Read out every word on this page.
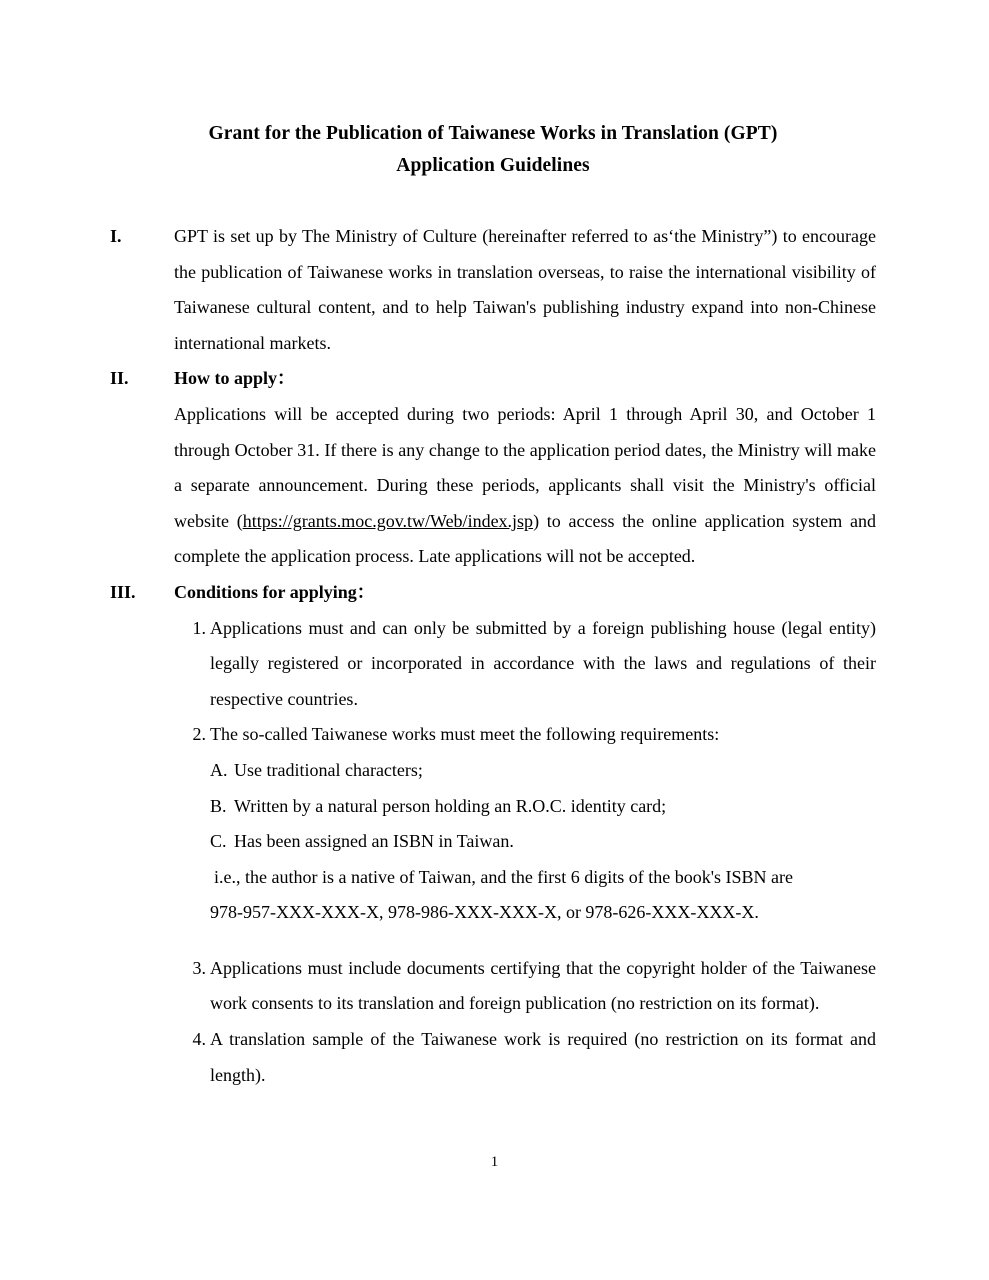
Grant for the Publication of Taiwanese Works in Translation (GPT)
Application Guidelines
I.	GPT is set up by The Ministry of Culture (hereinafter referred to as‘the Ministry”) to encourage the publication of Taiwanese works in translation overseas, to raise the international visibility of Taiwanese cultural content, and to help Taiwan's publishing industry expand into non-Chinese international markets.
II.	How to apply：
Applications will be accepted during two periods: April 1 through April 30, and October 1 through October 31. If there is any change to the application period dates, the Ministry will make a separate announcement. During these periods, applicants shall visit the Ministry's official website (https://grants.moc.gov.tw/Web/index.jsp) to access the online application system and complete the application process. Late applications will not be accepted.
III. Conditions for applying：
1. Applications must and can only be submitted by a foreign publishing house (legal entity) legally registered or incorporated in accordance with the laws and regulations of their respective countries.
2. The so-called Taiwanese works must meet the following requirements:
A. Use traditional characters;
B. Written by a natural person holding an R.O.C. identity card;
C. Has been assigned an ISBN in Taiwan.
i.e., the author is a native of Taiwan, and the first 6 digits of the book's ISBN are
978-957-XXX-XXX-X, 978-986-XXX-XXX-X, or 978-626-XXX-XXX-X.
3. Applications must include documents certifying that the copyright holder of the Taiwanese work consents to its translation and foreign publication (no restriction on its format).
4. A translation sample of the Taiwanese work is required (no restriction on its format and length).
1
